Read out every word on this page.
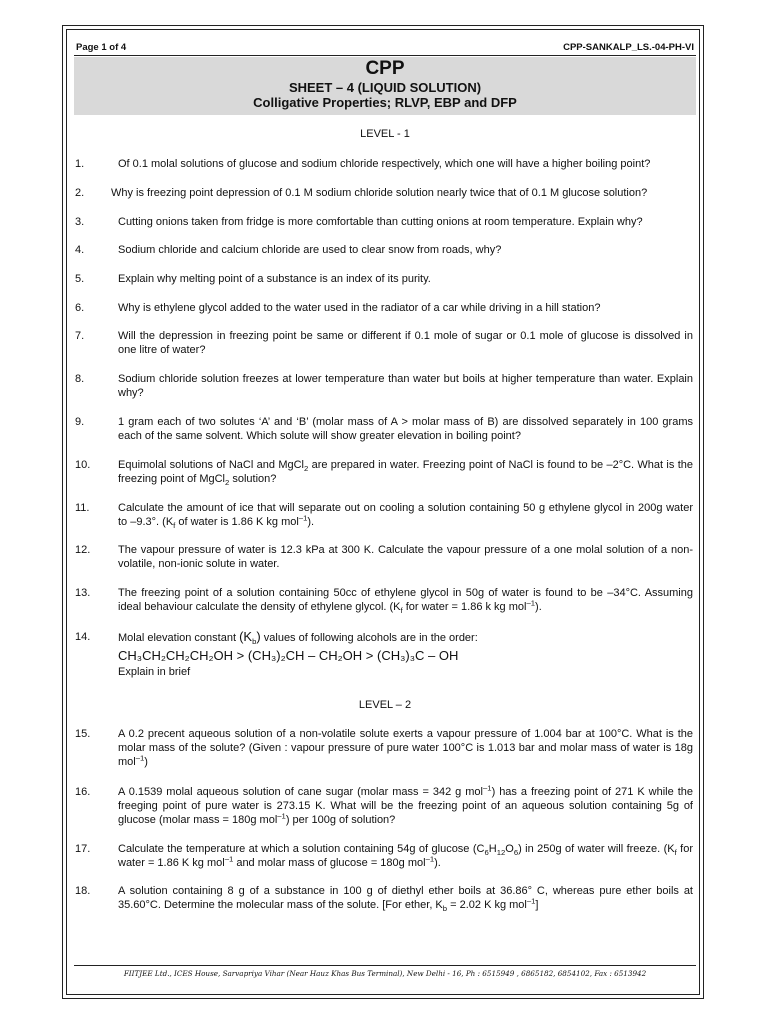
Page 1 of 4	CPP-SANKALP_LS.-04-PH-VI
CPP
SHEET – 4 (LIQUID SOLUTION)
Colligative Properties; RLVP, EBP and DFP
LEVEL - 1
1.	Of 0.1 molal solutions of glucose and sodium chloride respectively, which one will have a higher boiling point?
2.	Why is freezing point depression of 0.1 M sodium chloride solution nearly twice that of 0.1 M glucose solution?
3.	Cutting onions taken from fridge is more comfortable than cutting onions at room temperature. Explain why?
4.	Sodium chloride and calcium chloride are used to clear snow from roads, why?
5.	Explain why melting point of a substance is an index of its purity.
6.	Why is ethylene glycol added to the water used in the radiator of a car while driving in a hill station?
7.	Will the depression in freezing point be same or different if 0.1 mole of sugar or 0.1 mole of glucose is dissolved in one litre of water?
8.	Sodium chloride solution freezes at lower temperature than water but boils at higher temperature than water. Explain why?
9.	1 gram each of two solutes ‘A’ and ‘B’ (molar mass of A > molar mass of B) are dissolved separately in 100 grams each of the same solvent. Which solute will show greater elevation in boiling point?
10.	Equimolal solutions of NaCl and MgCl$_2$ are prepared in water. Freezing point of NaCl is found to be –2°C. What is the freezing point of MgCl$_2$ solution?
11.	Calculate the amount of ice that will separate out on cooling a solution containing 50 g ethylene glycol in 200g water to –9.3°. ($K_f$ of water is 1.86 K kg mol$^{-1}$).
12.	The vapour pressure of water is 12.3 kPa at 300 K. Calculate the vapour pressure of a one molal solution of a non-volatile, non-ionic solute in water.
13.	The freezing point of a solution containing 50cc of ethylene glycol in 50g of water is found to be –34°C. Assuming ideal behaviour calculate the density of ethylene glycol. ($K_f$ for water = 1.86 k kg mol$^{-1}$).
14.	Molal elevation constant $(K_b)$ values of following alcohols are in the order:
CH₃CH₂CH₂CH₂OH > (CH₃)₂CH – CH₂OH > (CH₃)₃C – OH
Explain in brief
LEVEL – 2
15.	A 0.2 precent aqueous solution of a non-volatile solute exerts a vapour pressure of 1.004 bar at 100°C. What is the molar mass of the solute? (Given : vapour pressure of pure water 100°C is 1.013 bar and molar mass of water is 18g mol$^{-1}$)
16.	A 0.1539 molal aqueous solution of cane sugar (molar mass = 342 g mol$^{-1}$) has a freezing point of 271 K while the freeging point of pure water is 273.15 K. What will be the freezing point of an aqueous solution containing 5g of glucose (molar mass = 180g mol$^{-1}$) per 100g of solution?
17.	Calculate the temperature at which a solution containing 54g of glucose $(C_6H_{12}O_6)$ in 250g of water will freeze. ($K_f$ for water = 1.86 K kg mol$^{-1}$ and molar mass of glucose = 180g mol$^{-1}$).
18.	A solution containing 8 g of a substance in 100 g of diethyl ether boils at 36.86° C, whereas pure ether boils at 35.60°C. Determine the molecular mass of the solute. [For ether, $K_b = 2.02$ K kg mol$^{-1}$]
FIITJEE Ltd., ICES House, Sarvapriya Vihar (Near Hauz Khas Bus Terminal), New Delhi - 16, Ph : 6515949 , 6865182, 6854102, Fax : 6513942
